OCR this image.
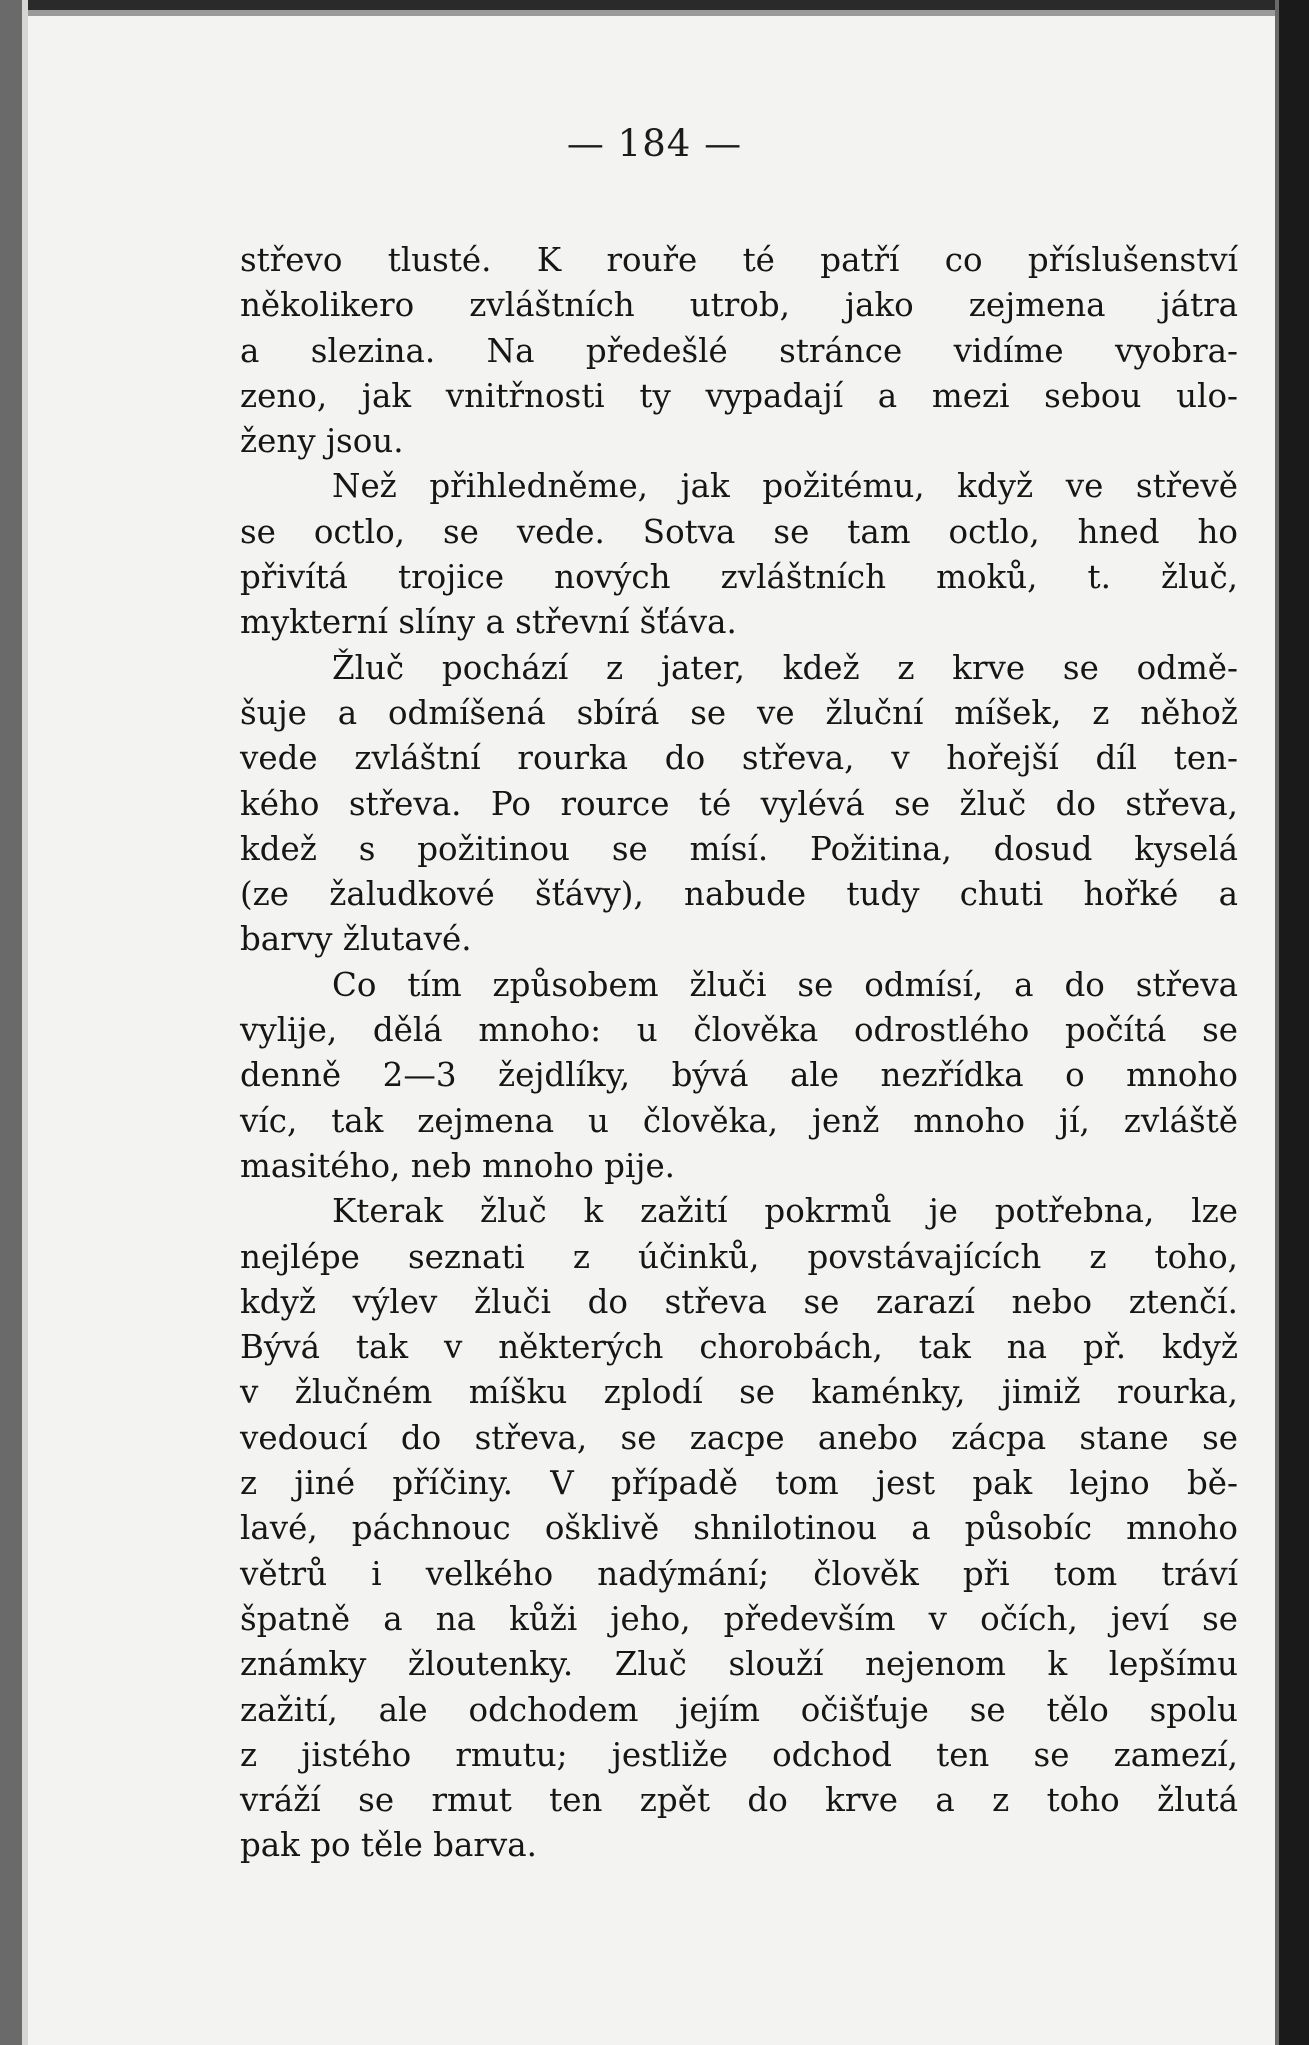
— 184 —
střevo tlusté. K rouře té patří co příslušenství
několikero zvláštních utrob, jako zejmena játra
a slezina. Na předešlé stránce vidíme vyobra-
zeno, jak vnitřnosti ty vypadají a mezi sebou ulo-
ženy jsou.
Než přihledněme, jak požitému, když ve střevě
se octlo, se vede. Sotva se tam octlo, hned ho
přivítá trojice nových zvláštních moků, t. žluč,
mykterní slíny a střevní šťáva.
Žluč pochází z jater, kdež z krve se odmě-
šuje a odmíšená sbírá se ve žluční míšek, z něhož
vede zvláštní rourka do střeva, v hořejší díl ten-
kého střeva. Po rource té vylévá se žluč do střeva,
kdež s požitinou se mísí. Požitina, dosud kyselá
(ze žaludkové šťávy), nabude tudy chuti hořké a
barvy žlutavé.
Co tím způsobem žluči se odmísí, a do střeva
vylije, dělá mnoho: u člověka odrostlého počítá se
denně 2—3 žejdlíky, bývá ale nezřídka o mnoho
víc, tak zejmena u člověka, jenž mnoho jí, zvláště
masitého, neb mnoho pije.
Kterak žluč k zažití pokrmů je potřebna, lze
nejlépe seznati z účinků, povstávajících z toho,
když výlev žluči do střeva se zarazí nebo ztenčí.
Bývá tak v některých chorobách, tak na př. když
v žlučném míšku zplodí se kaménky, jimiž rourka,
vedoucí do střeva, se zacpe anebo zácpa stane se
z jiné příčiny. V případě tom jest pak lejno bě-
lavé, páchnouc ošklivě shnilotinou a působíc mnoho
větrů i velkého nadýmání; člověk při tom tráví
špatně a na kůži jeho, především v očích, jeví se
známky žloutenky. Zluč slouží nejenom k lepšímu
zažití, ale odchodem jejím očišťuje se tělo spolu
z jistého rmutu; jestliže odchod ten se zamezí,
vráží se rmut ten zpět do krve a z toho žlutá
pak po těle barva.
